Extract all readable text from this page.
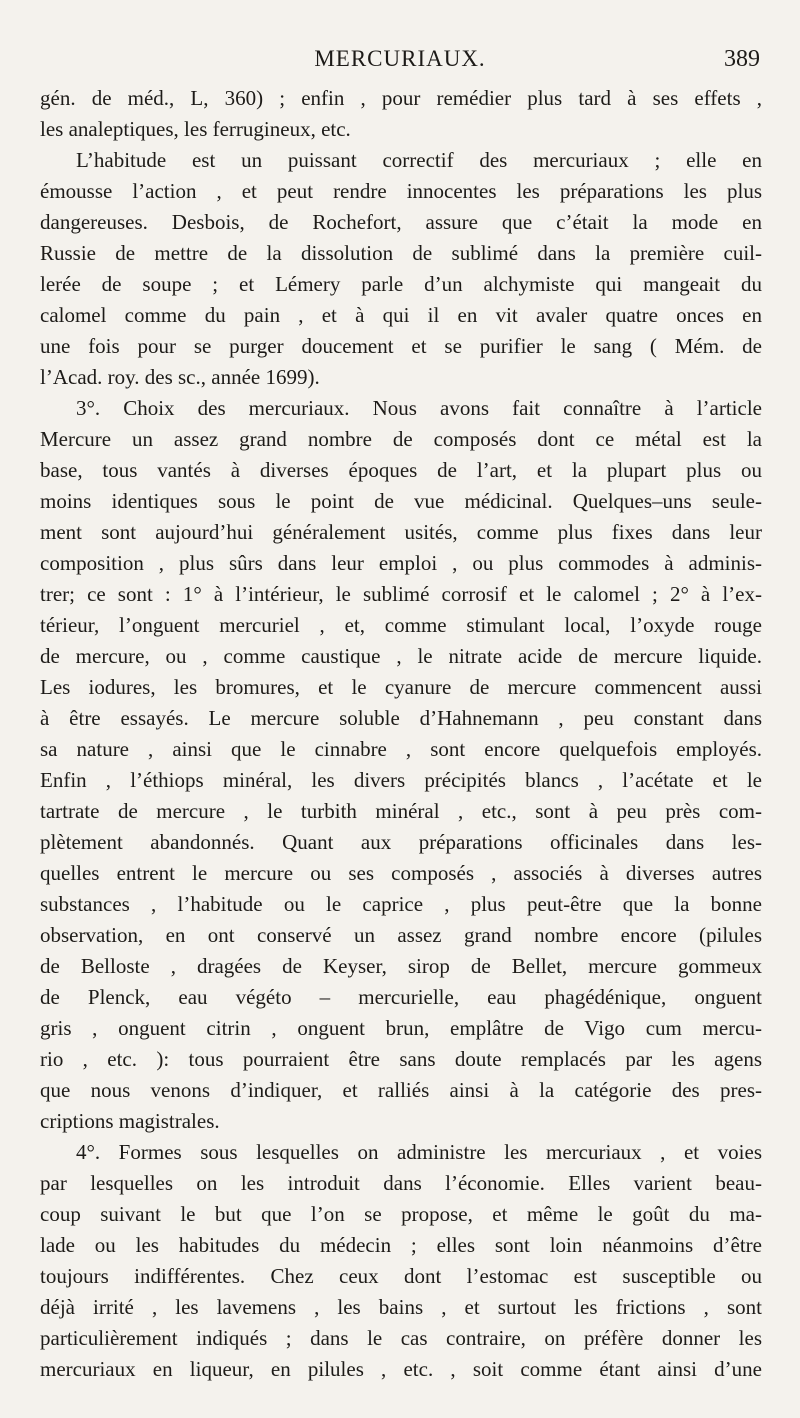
MERCURIAUX.	389
gén. de méd., L, 360) ; enfin , pour remédier plus tard à ses effets ,
les analeptiques, les ferrugineux, etc.
L’habitude est un puissant correctif des mercuriaux ; elle en
émousse l’action , et peut rendre innocentes les préparations les plus
dangereuses. Desbois, de Rochefort, assure que c’était la mode en
Russie de mettre de la dissolution de sublimé dans la première cuil-
lerée de soupe ; et Lémery parle d’un alchymiste qui mangeait du
calomel comme du pain , et à qui il en vit avaler quatre onces en
une fois pour se purger doucement et se purifier le sang ( Mém. de
l’Acad. roy. des sc., année 1699).
3°. Choix des mercuriaux. Nous avons fait connaître à l’article
Mercure un assez grand nombre de composés dont ce métal est la
base, tous vantés à diverses époques de l’art, et la plupart plus ou
moins identiques sous le point de vue médicinal. Quelques–uns seule-
ment sont aujourd’hui généralement usités, comme plus fixes dans leur
composition , plus sûrs dans leur emploi , ou plus commodes à adminis-
trer; ce sont : 1° à l’intérieur, le sublimé corrosif et le calomel ; 2° à l’ex-
térieur, l’onguent mercuriel , et, comme stimulant local, l’oxyde rouge
de mercure, ou , comme caustique , le nitrate acide de mercure liquide.
Les iodures, les bromures, et le cyanure de mercure commencent aussi
à être essayés. Le mercure soluble d’Hahnemann , peu constant dans
sa nature , ainsi que le cinnabre , sont encore quelquefois employés.
Enfin , l’éthiops minéral, les divers précipités blancs , l’acétate et le
tartrate de mercure , le turbith minéral , etc., sont à peu près com-
plètement abandonnés. Quant aux préparations officinales dans les-
quelles entrent le mercure ou ses composés , associés à diverses autres
substances , l’habitude ou le caprice , plus peut-être que la bonne
observation, en ont conservé un assez grand nombre encore (pilules
de Belloste , dragées de Keyser, sirop de Bellet, mercure gommeux
de Plenck, eau végéto – mercurielle, eau phagédénique, onguent
gris , onguent citrin , onguent brun, emplâtre de Vigo cum mercu-
rio , etc. ): tous pourraient être sans doute remplacés par les agens
que nous venons d’indiquer, et ralliés ainsi à la catégorie des pres-
criptions magistrales.
4°. Formes sous lesquelles on administre les mercuriaux , et voies
par lesquelles on les introduit dans l’économie. Elles varient beau-
coup suivant le but que l’on se propose, et même le goût du ma-
lade ou les habitudes du médecin ; elles sont loin néanmoins d’être
toujours indifférentes. Chez ceux dont l’estomac est susceptible ou
déjà irrité , les lavemens , les bains , et surtout les frictions , sont
particulièrement indiqués ; dans le cas contraire, on préfère donner les
mercuriaux en liqueur, en pilules , etc. , soit comme étant ainsi d’une
